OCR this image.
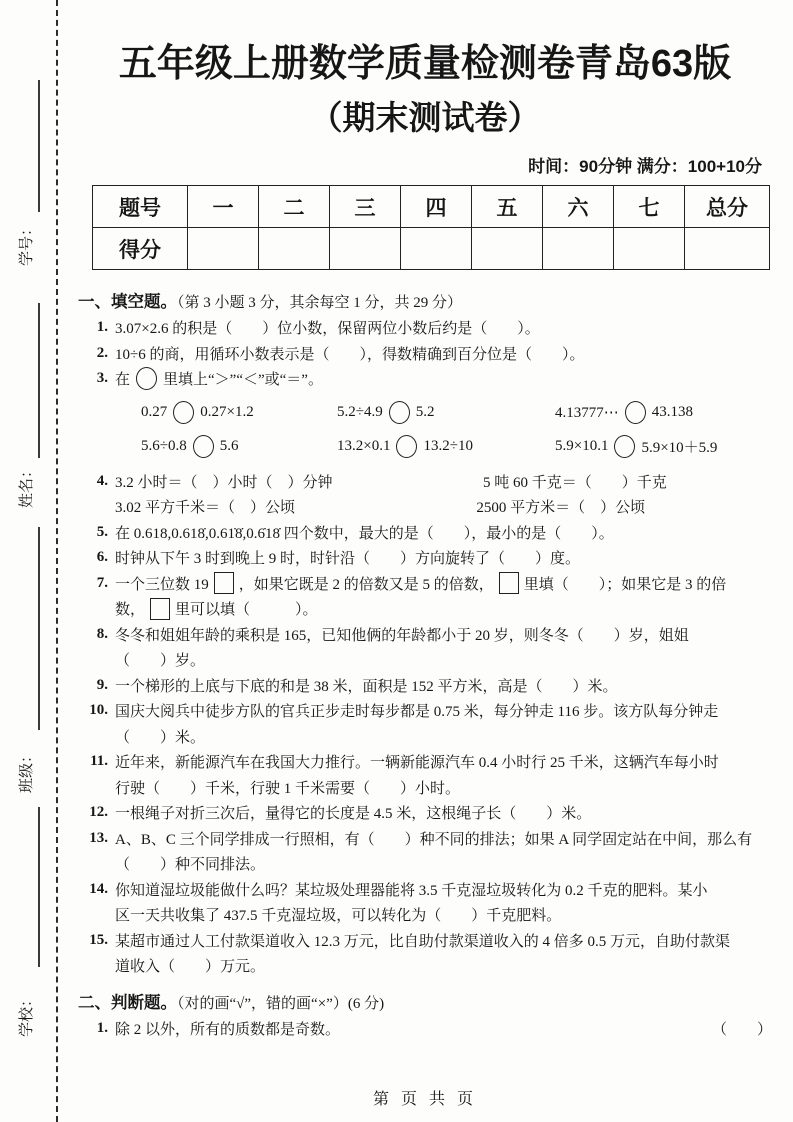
学号：
姓名：
班级：
学校：
五年级上册数学质量检测卷青岛63版
（期末测试卷）
时间：90分钟 满分：100+10分
题号	一	二	三	四	五	六	七	总分
得分								
一、填空题。（第 3 小题 3 分，其余每空 1 分，共 29 分）
1. 3.07×2.6 的积是（　　）位小数，保留两位小数后约是（　　）。
2. 10÷6 的商，用循环小数表示是（　　），得数精确到百分位是（　　）。
3. 在 里填上“＞”“＜”或“＝”。
0.27 0.27×1.2	5.2÷4.9 5.2	4.13777⋯ 43.138
5.6÷0.8 5.6	13.2×0.1 13.2÷10	5.9×10.1 5.9×10＋5.9
4. 3.2 小时＝（　）小时（　）分钟	5 吨 60 千克＝（　　）千克
3.02 平方千米＝（　）公顷	2500 平方米＝（　）公顷
5. 在 0.618,0.618̇,0.61̇8̇,0.6̇18̇ 四个数中，最大的是（　　），最小的是（　　）。
6. 时钟从下午 3 时到晚上 9 时，时针沿（　　）方向旋转了（　　）度。
7. 一个三位数 19 ，如果它既是 2 的倍数又是 5 的倍数， 里填（　　）；如果它是 3 的倍
数， 里可以填（　　　）。
8. 冬冬和姐姐年龄的乘积是 165，已知他俩的年龄都小于 20 岁，则冬冬（　　）岁，姐姐
（　　）岁。
9. 一个梯形的上底与下底的和是 38 米，面积是 152 平方米，高是（　　）米。
10. 国庆大阅兵中徒步方队的官兵正步走时每步都是 0.75 米，每分钟走 116 步。该方队每分钟走
（　　）米。
11. 近年来，新能源汽车在我国大力推行。一辆新能源汽车 0.4 小时行 25 千米，这辆汽车每小时
行驶（　　）千米，行驶 1 千米需要（　　）小时。
12. 一根绳子对折三次后，量得它的长度是 4.5 米，这根绳子长（　　）米。
13. A、B、C 三个同学排成一行照相，有（　　）种不同的排法；如果 A 同学固定站在中间，那么有
（　　）种不同排法。
14. 你知道湿垃圾能做什么吗？某垃圾处理器能将 3.5 千克湿垃圾转化为 0.2 千克的肥料。某小
区一天共收集了 437.5 千克湿垃圾，可以转化为（　　）千克肥料。
15. 某超市通过人工付款渠道收入 12.3 万元，比自助付款渠道收入的 4 倍多 0.5 万元，自助付款渠
道收入（　　）万元。
二、判断题。（对的画“√”，错的画“×”）(6 分)
1. 除 2 以外，所有的质数都是奇数。	（　　）
第 页 共 页
